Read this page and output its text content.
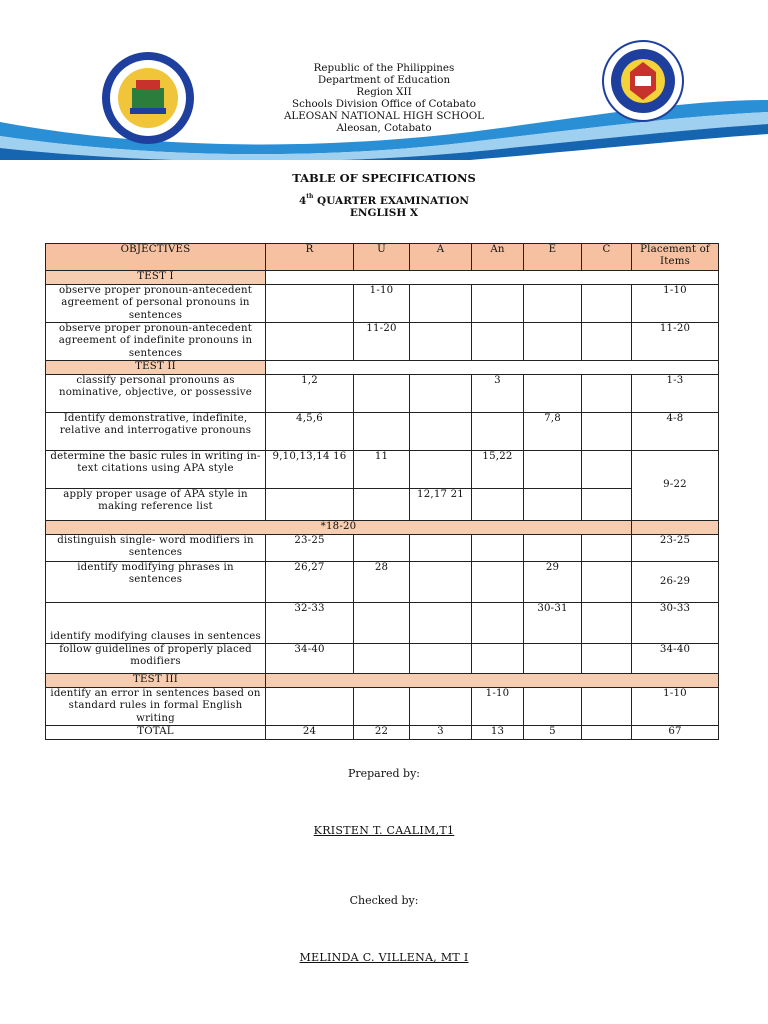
Republic of the Philippines
Department of Education
Region XII
Schools Division Office of Cotabato
ALEOSAN NATIONAL HIGH SCHOOL
Aleosan, Cotabato
TABLE OF SPECIFICATIONS
4th QUARTER EXAMINATION
ENGLISH X
OBJECTIVES	R	U	A	An	E	C	Placement of Items
TEST I							
observe proper pronoun-antecedent agreement of personal pronouns in sentences		1-10					1-10
observe proper pronoun-antecedent agreement of indefinite pronouns in sentences		11-20					11-20
TEST II							
classify personal pronouns as nominative, objective, or possessive	1,2			3			1-3
Identify demonstrative, indefinite, relative and interrogative pronouns	4,5,6				7,8		4-8
determine the basic rules in writing in-text citations using APA style	9,10,13,14 16	11		15,22			9-22
apply proper usage of APA style in making reference list			12,17 21				
*18-20							
distinguish single- word modifiers in sentences	23-25						23-25
identify modifying phrases in sentences	26,27	28			29		26-29
identify modifying clauses in sentences	32-33				30-31		30-33
follow guidelines of properly placed modifiers	34-40						34-40
TEST III							
identify an error in sentences based on standard rules in formal English writing				1-10			1-10
TOTAL	24	22	3	13	5		67
Prepared by:
KRISTEN T. CAALIM,T1
Checked by:
MELINDA C. VILLENA, MT I
